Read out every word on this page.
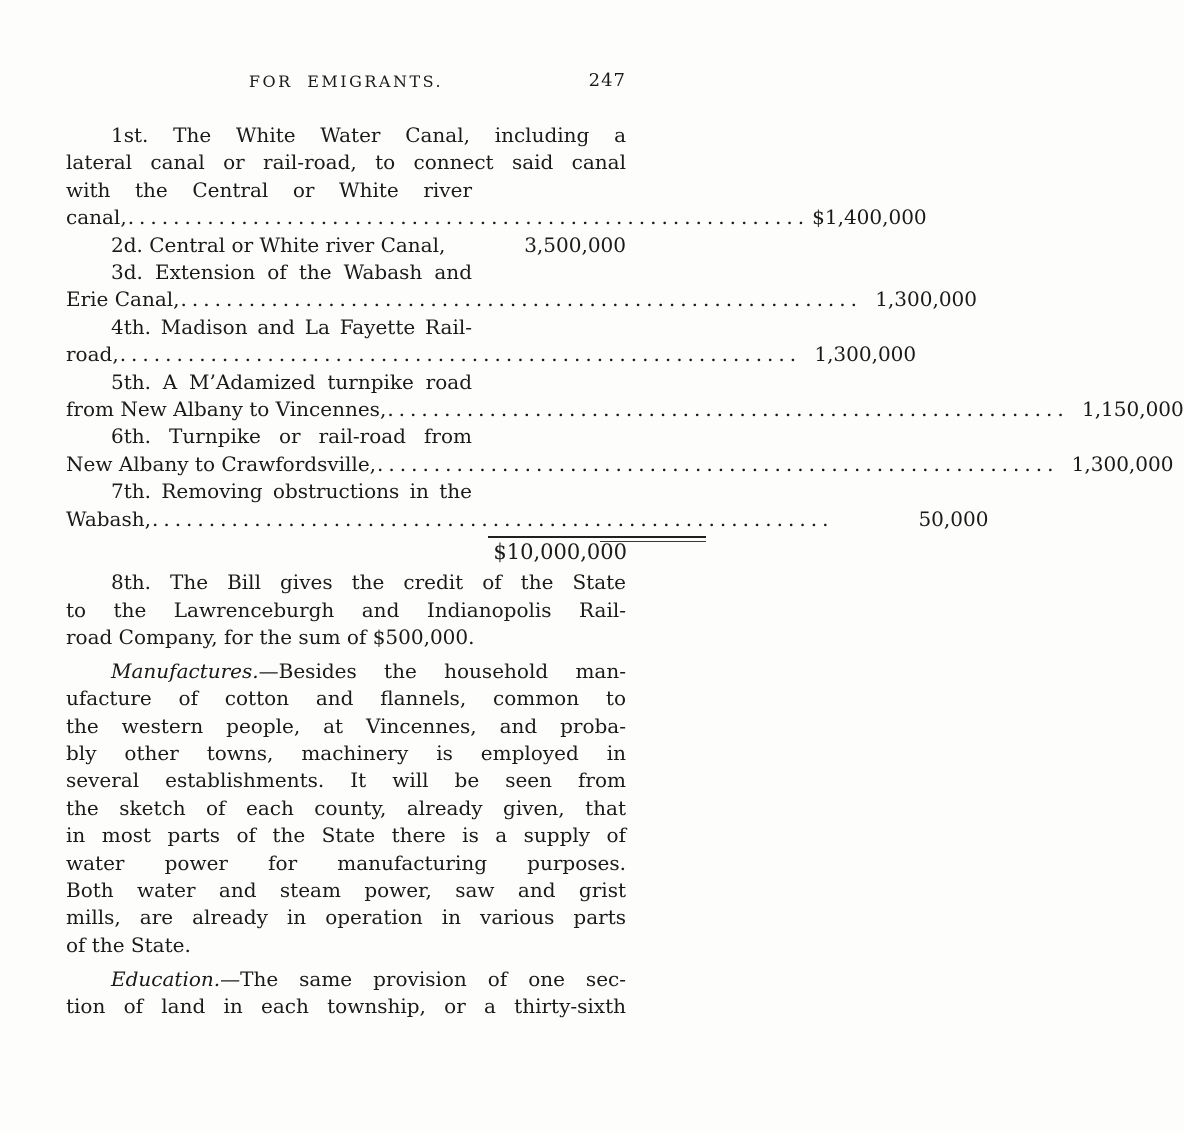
FOR EMIGRANTS.	247
1st. The White Water Canal, including a
lateral canal or rail-road, to connect said canal
with the Central or White river
canal, ............................................................ $1,400,000
2d. Central or White river Canal,	3,500,000
3d. Extension of the Wabash and
Erie Canal, ............................................................ 1,300,000
4th. Madison and La Fayette Rail-
road, ............................................................ 1,300,000
5th. A M’Adamized turnpike road
from New Albany to Vincennes, ............................................................ 1,150,000
6th. Turnpike or rail-road from
New Albany to Crawfordsville, ............................................................ 1,300,000
7th. Removing obstructions in the
Wabash, ............................................................	50,000
$10,000,000
8th. The Bill gives the credit of the State
to the Lawrenceburgh and Indianopolis Rail-
road Company, for the sum of $500,000.
Manufactures.—Besides the household man-
ufacture of cotton and flannels, common to
the western people, at Vincennes, and proba-
bly other towns, machinery is employed in
several establishments. It will be seen from
the sketch of each county, already given, that
in most parts of the State there is a supply of
water power for manufacturing purposes.
Both water and steam power, saw and grist
mills, are already in operation in various parts
of the State.
Education.—The same provision of one sec-
tion of land in each township, or a thirty-sixth
